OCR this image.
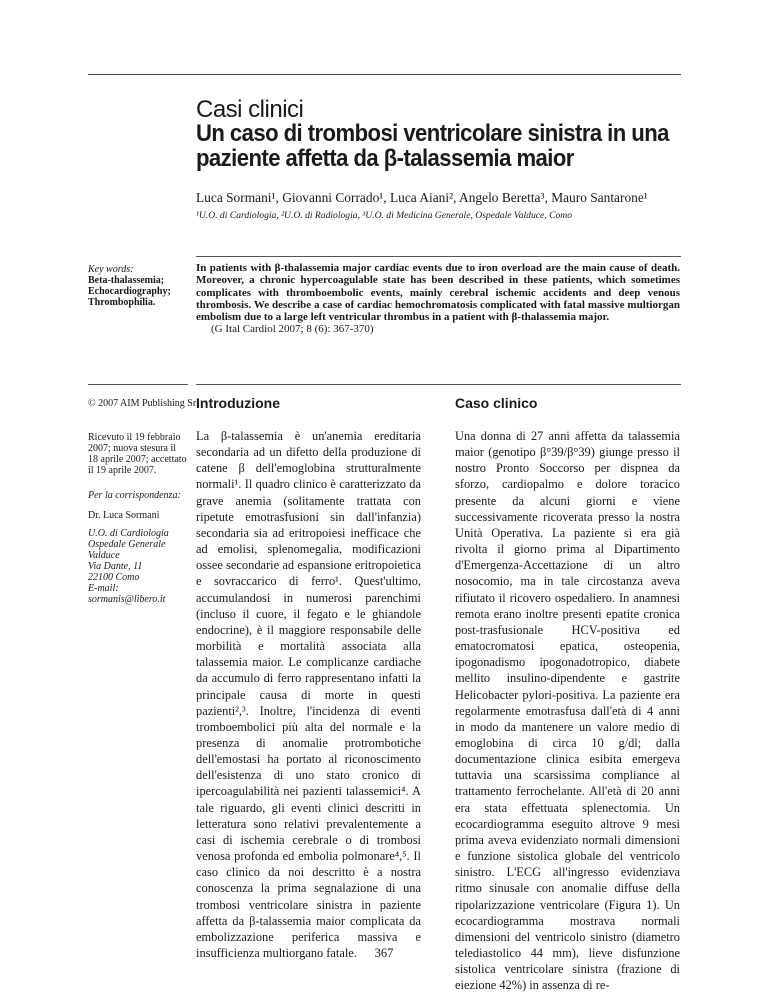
Casi clinici
Un caso di trombosi ventricolare sinistra in una paziente affetta da β-talassemia maior
Luca Sormani¹, Giovanni Corrado¹, Luca Aiani², Angelo Beretta³, Mauro Santarone¹
¹U.O. di Cardiologia, ²U.O. di Radiologia, ³U.O. di Medicina Generale, Ospedale Valduce, Como
Key words:
Beta-thalassemia; Echocardiography; Thrombophilia.
In patients with β-thalassemia major cardiac events due to iron overload are the main cause of death. Moreover, a chronic hypercoagulable state has been described in these patients, which sometimes complicates with thromboembolic events, mainly cerebral ischemic accidents and deep venous thrombosis. We describe a case of cardiac hemochromatosis complicated with fatal massive multiorgan embolism due to a large left ventricular thrombus in a patient with β-thalassemia major.
(G Ital Cardiol 2007; 8 (6): 367-370)
© 2007 AIM Publishing Srl

Ricevuto il 19 febbraio 2007; nuova stesura il 18 aprile 2007; accettato il 19 aprile 2007.

Per la corrispondenza:

Dr. Luca Sormani

U.O. di Cardiologia
Ospedale Generale
Valduce
Via Dante, 11
22100 Como
E-mail:
sormanis@libero.it

Introduzione	Caso clinico

La β-talassemia è un'anemia ereditaria secondaria ad un difetto della produzione di catene β dell'emoglobina strutturalmente normali¹. Il quadro clinico è caratterizzato da grave anemia (solitamente trattata con ripetute emotrasfusioni sin dall'infanzia) secondaria sia ad eritropoiesi inefficace che ad emolisi, splenomegalia, modificazioni ossee secondarie ad espansione eritropoietica e sovraccarico di ferro¹. Quest'ultimo, accumulandosi in numerosi parenchimi (incluso il cuore, il fegato e le ghiandole endocrine), è il maggiore responsabile delle morbilità e mortalità associata alla talassemia maior. Le complicanze cardiache da accumulo di ferro rappresentano infatti la principale causa di morte in questi pazienti²,³. Inoltre, l'incidenza di eventi tromboembolici più alta del normale e la presenza di anomalie protrombotiche dell'emostasi ha portato al riconoscimento dell'esistenza di uno stato cronico di ipercoagulabilità nei pazienti talassemici⁴. A tale riguardo, gli eventi clinici descritti in letteratura sono relativi prevalentemente a casi di ischemia cerebrale o di trombosi venosa profonda ed embolia polmonare⁴,⁵. Il caso clinico da noi descritto è a nostra conoscenza la prima segnalazione di una trombosi ventricolare sinistra in paziente affetta da β-talassemia maior complicata da embolizzazione periferica massiva e insufficienza multiorgano fatale.

Una donna di 27 anni affetta da talassemia maior (genotipo β°39/β°39) giunge presso il nostro Pronto Soccorso per dispnea da sforzo, cardiopalmo e dolore toracico presente da alcuni giorni e viene successivamente ricoverata presso la nostra Unità Operativa. La paziente si era già rivolta il giorno prima al Dipartimento d'Emergenza-Accettazione di un altro nosocomio, ma in tale circostanza aveva rifiutato il ricovero ospedaliero. In anamnesi remota erano inoltre presenti epatite cronica post-trasfusionale HCV-positiva ed ematocromatosi epatica, osteopenia, ipogonadismo ipogonadotropico, diabete mellito insulino-dipendente e gastrite Helicobacter pylori-positiva. La paziente era regolarmente emotrasfusa dall'età di 4 anni in modo da mantenere un valore medio di emoglobina di circa 10 g/dl; dalla documentazione clinica esibita emergeva tuttavia una scarsissima compliance al trattamento ferrochelante. All'età di 20 anni era stata effettuata splenectomia. Un ecocardiogramma eseguito altrove 9 mesi prima aveva evidenziato normali dimensioni e funzione sistolica globale del ventricolo sinistro. L'ECG all'ingresso evidenziava ritmo sinusale con anomalie diffuse della ripolarizzazione ventricolare (Figura 1). Un ecocardiogramma mostrava normali dimensioni del ventricolo sinistro (diametro telediastolico 44 mm), lieve disfunzione sistolica ventricolare sinistra (frazione di eiezione 42%) in assenza di re-

367
